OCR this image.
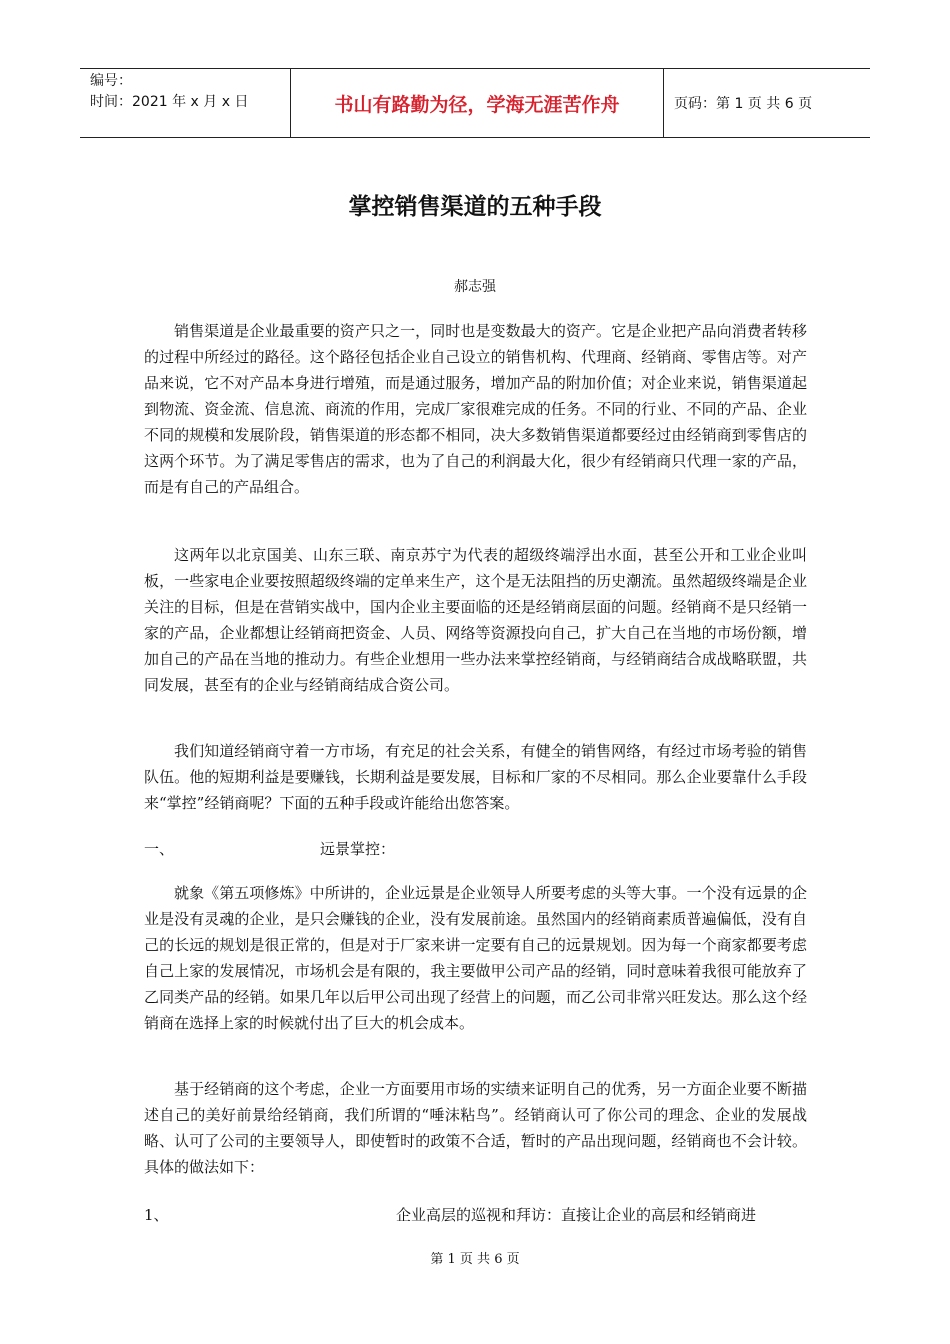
编号：
时间：2021 年 x 月 x 日	书山有路勤为径，学海无涯苦作舟	页码：第 1 页 共 6 页
掌控销售渠道的五种手段
郝志强

销售渠道是企业最重要的资产只之一，同时也是变数最大的资产。它是企业把产品向消费者转移的过程中所经过的路径。这个路径包括企业自己设立的销售机构、代理商、经销商、零售店等。对产品来说，它不对产品本身进行增殖，而是通过服务，增加产品的附加价值；对企业来说，销售渠道起到物流、资金流、信息流、商流的作用，完成厂家很难完成的任务。不同的行业、不同的产品、企业不同的规模和发展阶段，销售渠道的形态都不相同，决大多数销售渠道都要经过由经销商到零售店的这两个环节。为了满足零售店的需求，也为了自己的利润最大化，很少有经销商只代理一家的产品，而是有自己的产品组合。

这两年以北京国美、山东三联、南京苏宁为代表的超级终端浮出水面，甚至公开和工业企业叫板，一些家电企业要按照超级终端的定单来生产，这个是无法阻挡的历史潮流。虽然超级终端是企业关注的目标，但是在营销实战中，国内企业主要面临的还是经销商层面的问题。经销商不是只经销一家的产品，企业都想让经销商把资金、人员、网络等资源投向自己，扩大自己在当地的市场份额，增加自己的产品在当地的推动力。有些企业想用一些办法来掌控经销商，与经销商结合成战略联盟，共同发展，甚至有的企业与经销商结成合资公司。

我们知道经销商守着一方市场，有充足的社会关系，有健全的销售网络，有经过市场考验的销售队伍。他的短期利益是要赚钱，长期利益是要发展，目标和厂家的不尽相同。那么企业要靠什么手段来“掌控”经销商呢？下面的五种手段或许能给出您答案。

一、	远景掌控：

就象《第五项修炼》中所讲的，企业远景是企业领导人所要考虑的头等大事。一个没有远景的企业是没有灵魂的企业，是只会赚钱的企业，没有发展前途。虽然国内的经销商素质普遍偏低，没有自己的长远的规划是很正常的，但是对于厂家来讲一定要有自己的远景规划。因为每一个商家都要考虑自己上家的发展情况，市场机会是有限的，我主要做甲公司产品的经销，同时意味着我很可能放弃了乙同类产品的经销。如果几年以后甲公司出现了经营上的问题，而乙公司非常兴旺发达。那么这个经销商在选择上家的时候就付出了巨大的机会成本。

基于经销商的这个考虑，企业一方面要用市场的实绩来证明自己的优秀，另一方面企业要不断描述自己的美好前景给经销商，我们所谓的“唾沫粘鸟”。经销商认可了你公司的理念、企业的发展战略、认可了公司的主要领导人，即使暂时的政策不合适，暂时的产品出现问题，经销商也不会计较。具体的做法如下：

1、	企业高层的巡视和拜访：直接让企业的高层和经销商进
第 1 页 共 6 页
